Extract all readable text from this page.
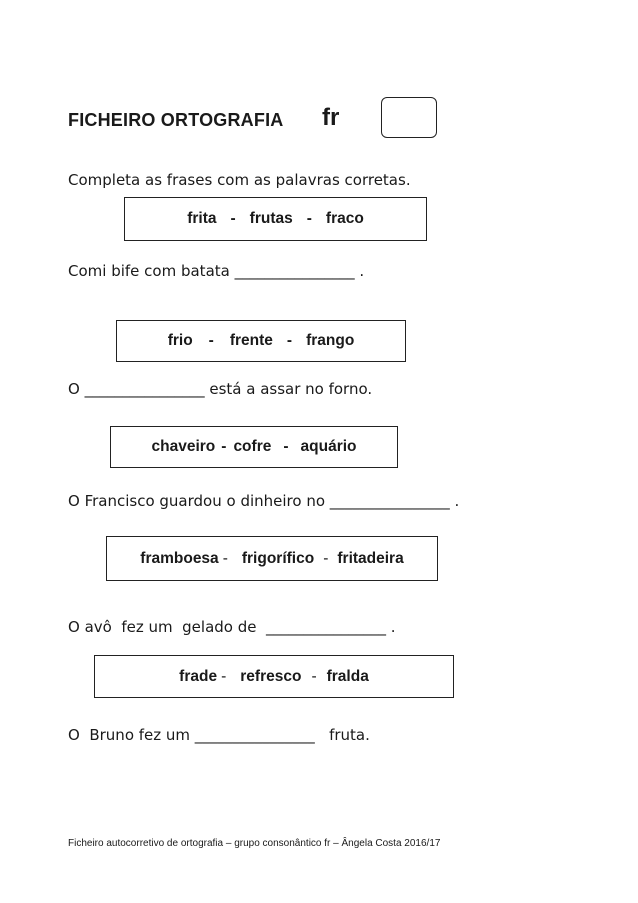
FICHEIRO ORTOGRAFIA fr
Completa as frases com as palavras corretas.
frita - frutas - fraco
Comi bife com batata ________________ .
frio - frente - frango
O ________________ está a assar no forno.
chaveiro - cofre - aquário
O Francisco guardou o dinheiro no ________________ .
framboesa - frigorífico - fritadeira
O avô  fez um  gelado de  ________________ .
frade - refresco - fralda
O  Bruno fez um ________________   fruta.
Ficheiro autocorretivo de ortografia – grupo consonântico fr – Ângela Costa 2016/17
